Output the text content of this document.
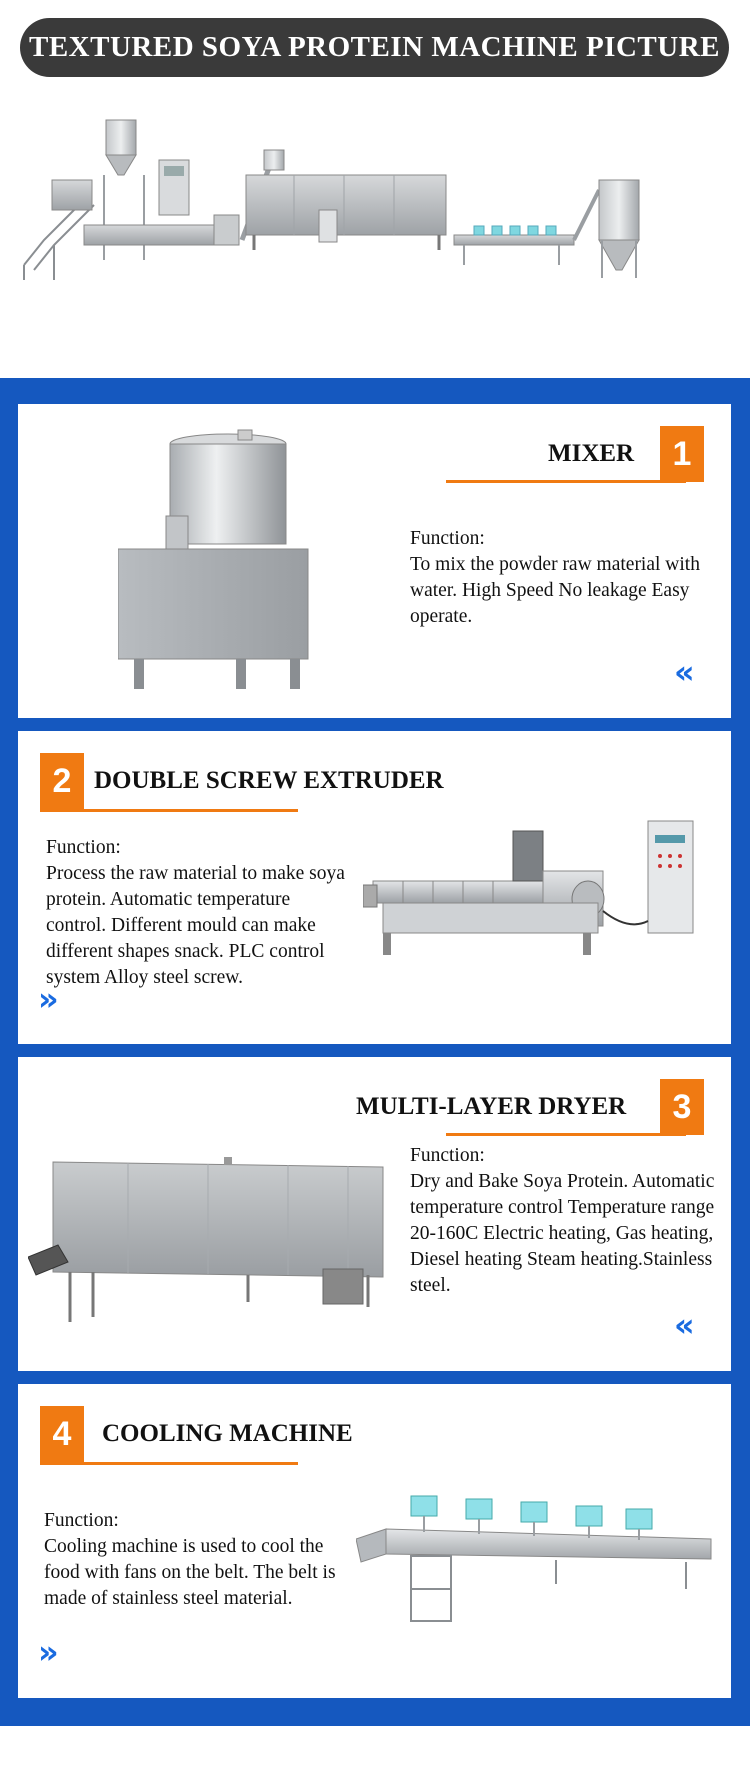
TEXTURED SOYA PROTEIN MACHINE PICTURE
MIXER	1
Function:
To mix the powder raw material with water. High Speed No leakage Easy operate.
«
2 DOUBLE SCREW EXTRUDER
Function:
Process the raw material to make soya protein. Automatic temperature control. Different mould can make different shapes snack. PLC control system Alloy steel screw.
»
MULTI-LAYER DRYER	3
Function:
Dry and Bake Soya Protein. Automatic temperature control Temperature range 20-160C Electric heating, Gas heating, Diesel heating Steam heating.Stainless steel.
«
4	COOLING MACHINE
Function:
Cooling machine is used to cool the food with fans on the belt. The belt is made of stainless steel material.
»
